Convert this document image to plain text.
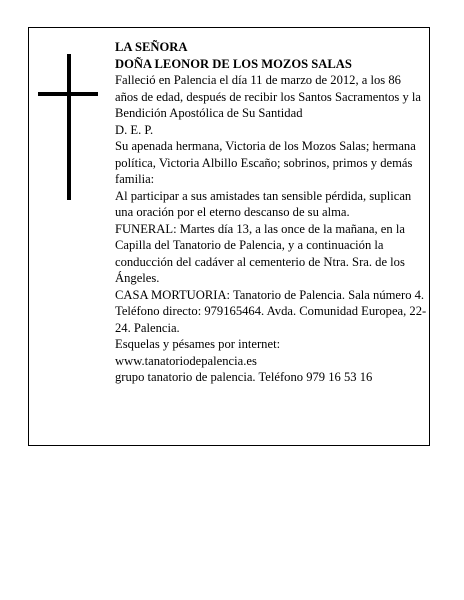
LA SEÑORA

DOÑA LEONOR DE LOS MOZOS SALAS

Falleció en Palencia el día 11 de marzo de 2012, a los 86 años de edad, después de recibir los Santos Sacramentos y la Bendición Apostólica de Su Santidad

D. E. P.

Su apenada hermana, Victoria de los Mozos Salas; hermana política, Victoria Albillo Escaño; sobrinos, primos y demás familia:

Al participar a sus amistades tan sensible pérdida, suplican una oración por el eterno descanso de su alma.

FUNERAL: Martes día 13, a las once de la mañana, en la Capilla del Tanatorio de Palencia, y a continuación la conducción del cadáver al cementerio de Ntra. Sra. de los Ángeles.

CASA MORTUORIA: Tanatorio de Palencia. Sala número 4. Teléfono directo: 979165464. Avda. Comunidad Europea, 22-24. Palencia.

Esquelas y pésames por internet:

www.tanatoriodepalencia.es

grupo tanatorio de palencia. Teléfono 979 16 53 16
